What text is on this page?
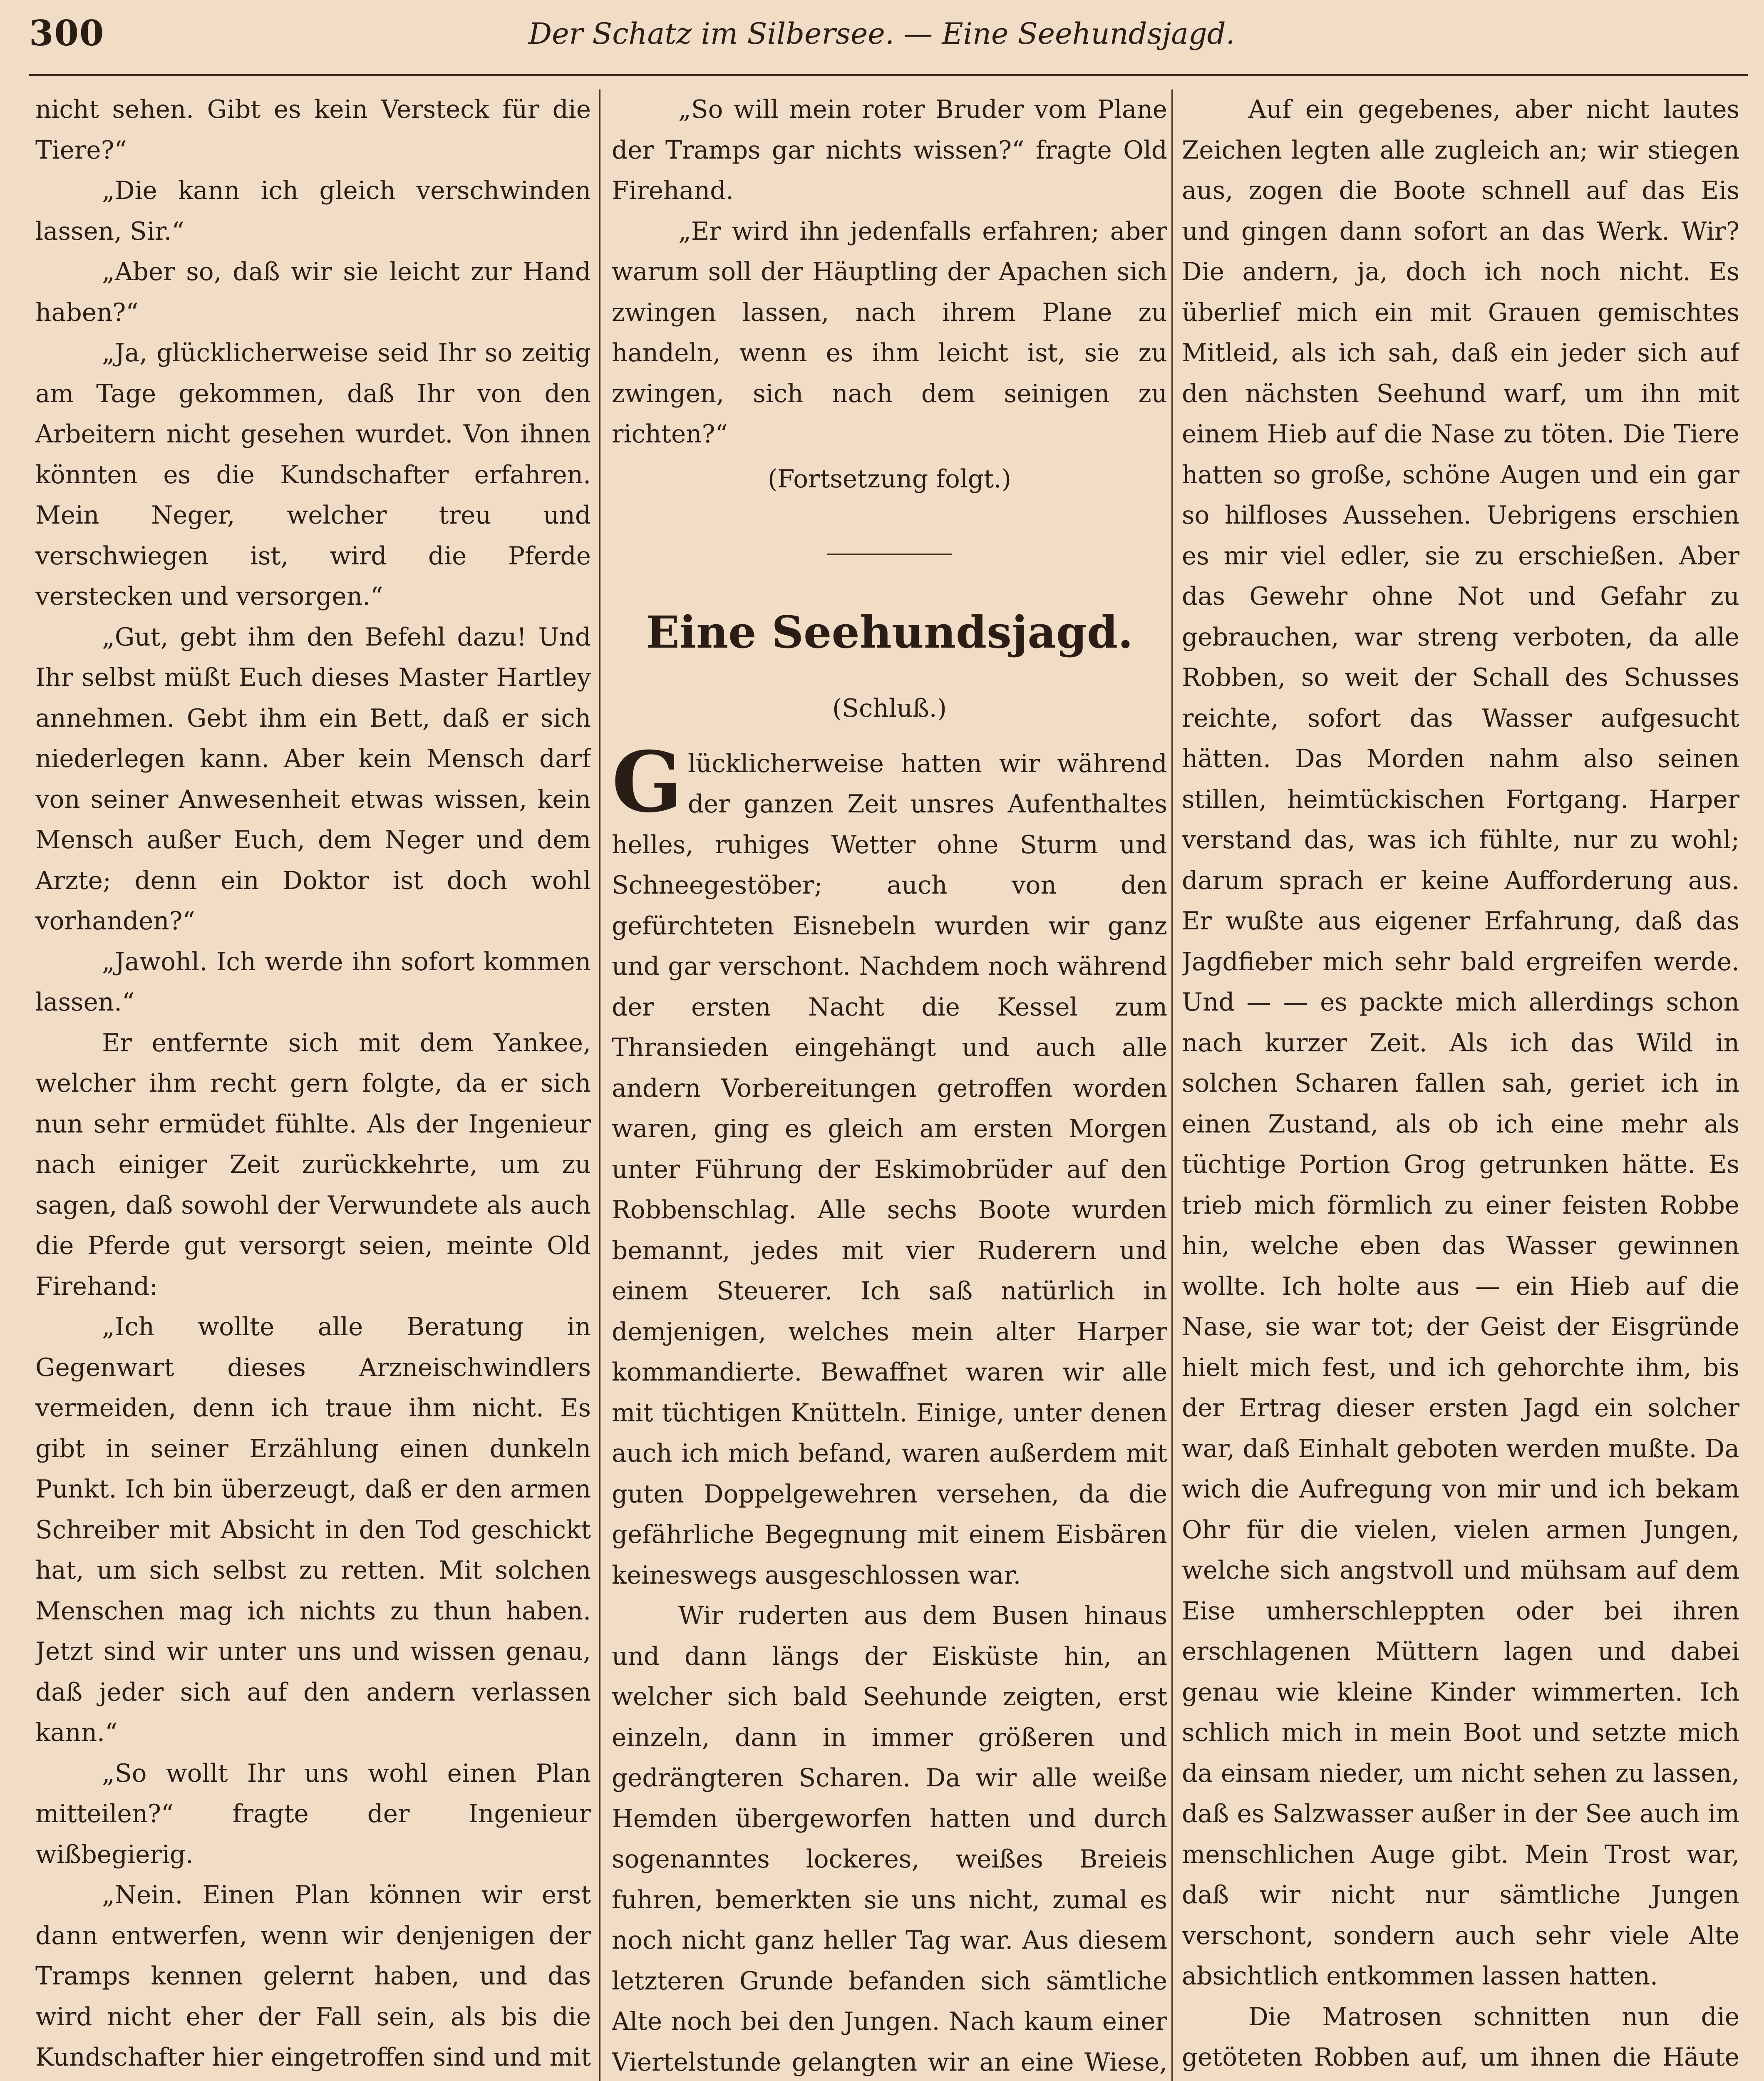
300	Der Schatz im Silbersee. — Eine Seehundsjagd.

nicht sehen. Gibt es kein Versteck für die Tiere?“

„Die kann ich gleich verschwinden lassen, Sir.“

„Aber so, daß wir sie leicht zur Hand haben?“

„Ja, glücklicherweise seid Ihr so zeitig am Tage gekommen, daß Ihr von den Arbeitern nicht gesehen wurdet. Von ihnen könnten es die Kundschafter erfahren. Mein Neger, welcher treu und verschwiegen ist, wird die Pferde verstecken und versorgen.“

„Gut, gebt ihm den Befehl dazu! Und Ihr selbst müßt Euch dieses Master Hartley annehmen. Gebt ihm ein Bett, daß er sich niederlegen kann. Aber kein Mensch darf von seiner Anwesenheit etwas wissen, kein Mensch außer Euch, dem Neger und dem Arzte; denn ein Doktor ist doch wohl vorhanden?“

„Jawohl. Ich werde ihn sofort kommen lassen.“

Er entfernte sich mit dem Yankee, welcher ihm recht gern folgte, da er sich nun sehr ermüdet fühlte. Als der Ingenieur nach einiger Zeit zurückkehrte, um zu sagen, daß sowohl der Verwundete als auch die Pferde gut versorgt seien, meinte Old Firehand:

„Ich wollte alle Beratung in Gegenwart dieses Arzneischwindlers vermeiden, denn ich traue ihm nicht. Es gibt in seiner Erzählung einen dunkeln Punkt. Ich bin überzeugt, daß er den armen Schreiber mit Absicht in den Tod geschickt hat, um sich selbst zu retten. Mit solchen Menschen mag ich nichts zu thun haben. Jetzt sind wir unter uns und wissen genau, daß jeder sich auf den andern verlassen kann.“

„So wollt Ihr uns wohl einen Plan mitteilen?“ fragte der Ingenieur wißbegierig.

„Nein. Einen Plan können wir erst dann entwerfen, wenn wir denjenigen der Tramps kennen gelernt haben, und das wird nicht eher der Fall sein, als bis die Kundschafter hier eingetroffen sind und mit

„So will mein roter Bruder vom Plane der Tramps gar nichts wissen?“ fragte Old Firehand.

„Er wird ihn jedenfalls erfahren; aber warum soll der Häuptling der Apachen sich zwingen lassen, nach ihrem Plane zu handeln, wenn es ihm leicht ist, sie zu zwingen, sich nach dem seinigen zu richten?“

(Fortsetzung folgt.)

Eine Seehundsjagd.

(Schluß.)

Glücklicherweise hatten wir während der ganzen Zeit unsres Aufenthaltes helles, ruhiges Wetter ohne Sturm und Schneegestöber; auch von den gefürchteten Eisnebeln wurden wir ganz und gar verschont. Nachdem noch während der ersten Nacht die Kessel zum Thransieden eingehängt und auch alle andern Vorbereitungen getroffen worden waren, ging es gleich am ersten Morgen unter Führung der Eskimobrüder auf den Robbenschlag. Alle sechs Boote wurden bemannt, jedes mit vier Ruderern und einem Steuerer. Ich saß natürlich in demjenigen, welches mein alter Harper kommandierte. Bewaffnet waren wir alle mit tüchtigen Knütteln. Einige, unter denen auch ich mich befand, waren außerdem mit guten Doppelgewehren versehen, da die gefährliche Begegnung mit einem Eisbären keineswegs ausgeschlossen war.

Wir ruderten aus dem Busen hinaus und dann längs der Eisküste hin, an welcher sich bald Seehunde zeigten, erst einzeln, dann in immer größeren und gedrängteren Scharen. Da wir alle weiße Hemden übergeworfen hatten und durch sogenanntes lockeres, weißes Breieis fuhren, bemerkten sie uns nicht, zumal es noch nicht ganz heller Tag war. Aus diesem letzteren Grunde befanden sich sämtliche Alte noch bei den Jungen. Nach kaum einer Viertelstunde gelangten wir an eine Wiese,

Auf ein gegebenes, aber nicht lautes Zeichen legten alle zugleich an; wir stiegen aus, zogen die Boote schnell auf das Eis und gingen dann sofort an das Werk. Wir? Die andern, ja, doch ich noch nicht. Es überlief mich ein mit Grauen gemischtes Mitleid, als ich sah, daß ein jeder sich auf den nächsten Seehund warf, um ihn mit einem Hieb auf die Nase zu töten. Die Tiere hatten so große, schöne Augen und ein gar so hilfloses Aussehen. Uebrigens erschien es mir viel edler, sie zu erschießen. Aber das Gewehr ohne Not und Gefahr zu gebrauchen, war streng verboten, da alle Robben, so weit der Schall des Schusses reichte, sofort das Wasser aufgesucht hätten. Das Morden nahm also seinen stillen, heimtückischen Fortgang. Harper verstand das, was ich fühlte, nur zu wohl; darum sprach er keine Aufforderung aus. Er wußte aus eigener Erfahrung, daß das Jagdfieber mich sehr bald ergreifen werde. Und — — es packte mich allerdings schon nach kurzer Zeit. Als ich das Wild in solchen Scharen fallen sah, geriet ich in einen Zustand, als ob ich eine mehr als tüchtige Portion Grog getrunken hätte. Es trieb mich förmlich zu einer feisten Robbe hin, welche eben das Wasser gewinnen wollte. Ich holte aus — ein Hieb auf die Nase, sie war tot; der Geist der Eisgründe hielt mich fest, und ich gehorchte ihm, bis der Ertrag dieser ersten Jagd ein solcher war, daß Einhalt geboten werden mußte. Da wich die Aufregung von mir und ich bekam Ohr für die vielen, vielen armen Jungen, welche sich angstvoll und mühsam auf dem Eise umherschleppten oder bei ihren erschlagenen Müttern lagen und dabei genau wie kleine Kinder wimmerten. Ich schlich mich in mein Boot und setzte mich da einsam nieder, um nicht sehen zu lassen, daß es Salzwasser außer in der See auch im menschlichen Auge gibt. Mein Trost war, daß wir nicht nur sämtliche Jungen verschont, sondern auch sehr viele Alte absichtlich entkommen lassen hatten.

Die Matrosen schnitten nun die getöteten Robben auf, um ihnen die Häute
